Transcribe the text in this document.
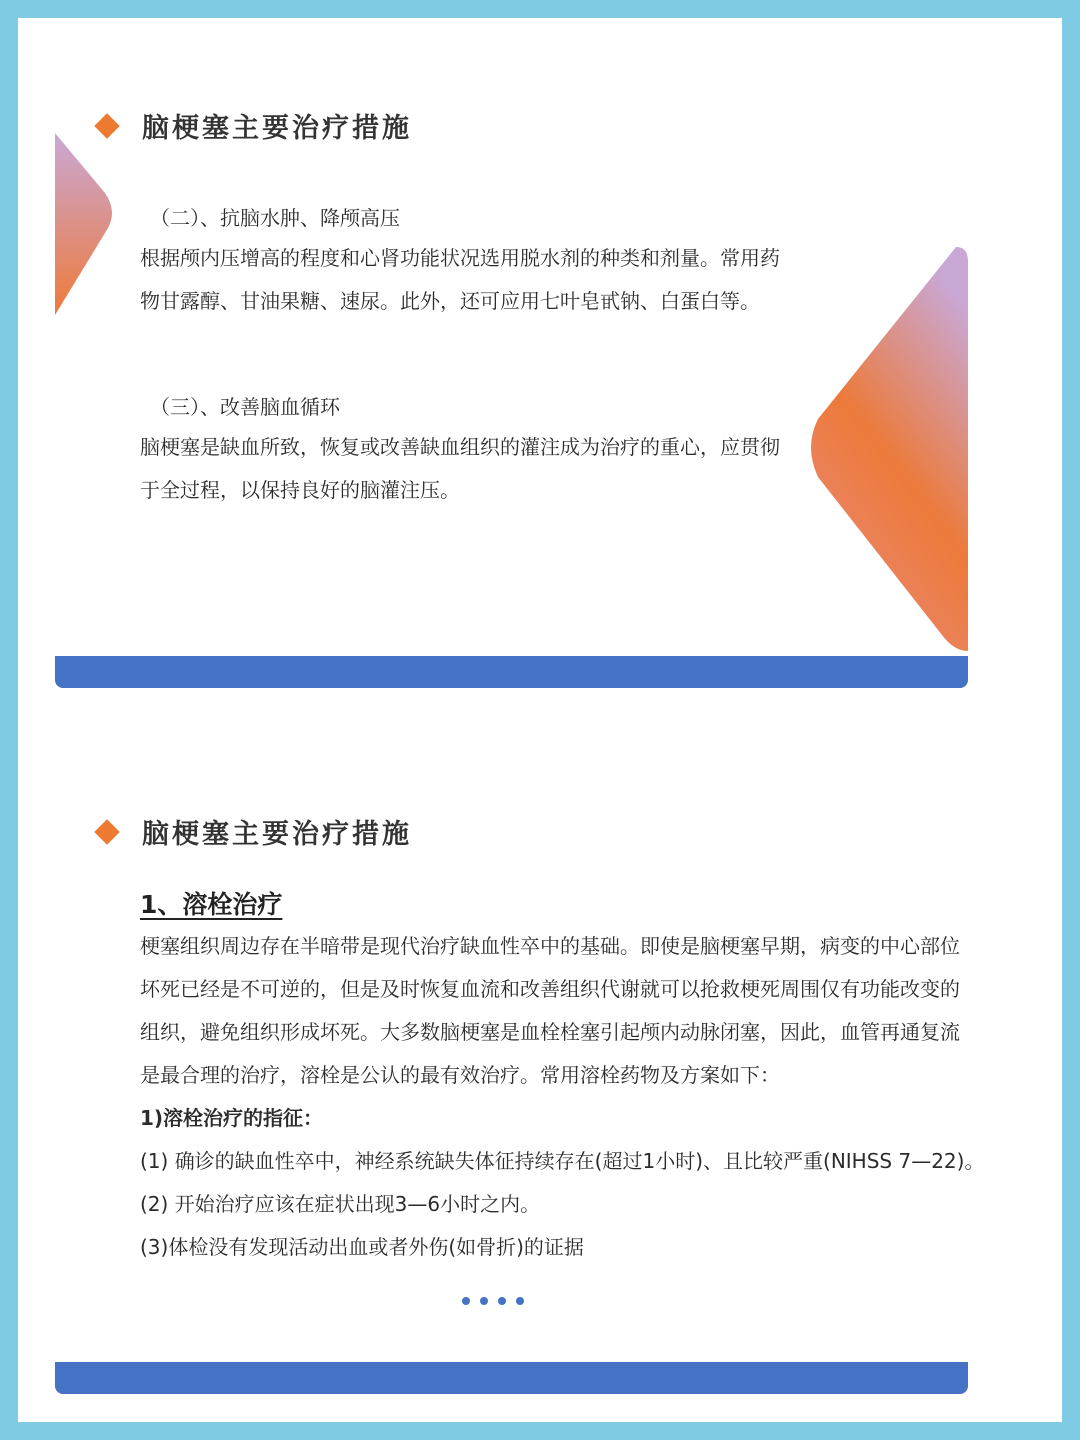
脑梗塞主要治疗措施
（二）、抗脑水肿、降颅高压
根据颅内压增高的程度和心肾功能状况选用脱水剂的种类和剂量。常用药
物甘露醇、甘油果糖、速尿。此外，还可应用七叶皂甙钠、白蛋白等。
（三）、改善脑血循环
脑梗塞是缺血所致，恢复或改善缺血组织的灌注成为治疗的重心，应贯彻
于全过程，以保持良好的脑灌注压。
脑梗塞主要治疗措施
1、溶栓治疗
梗塞组织周边存在半暗带是现代治疗缺血性卒中的基础。即使是脑梗塞早期，病变的中心部位
坏死已经是不可逆的，但是及时恢复血流和改善组织代谢就可以抢救梗死周围仅有功能改变的
组织，避免组织形成坏死。大多数脑梗塞是血栓栓塞引起颅内动脉闭塞，因此，血管再通复流
是最合理的治疗，溶栓是公认的最有效治疗。常用溶栓药物及方案如下：
1)溶栓治疗的指征：
(1) 确诊的缺血性卒中，神经系统缺失体征持续存在(超过1小时)、且比较严重(NIHSS 7—22)。
(2) 开始治疗应该在症状出现3—6小时之内。
(3)体检没有发现活动出血或者外伤(如骨折)的证据
